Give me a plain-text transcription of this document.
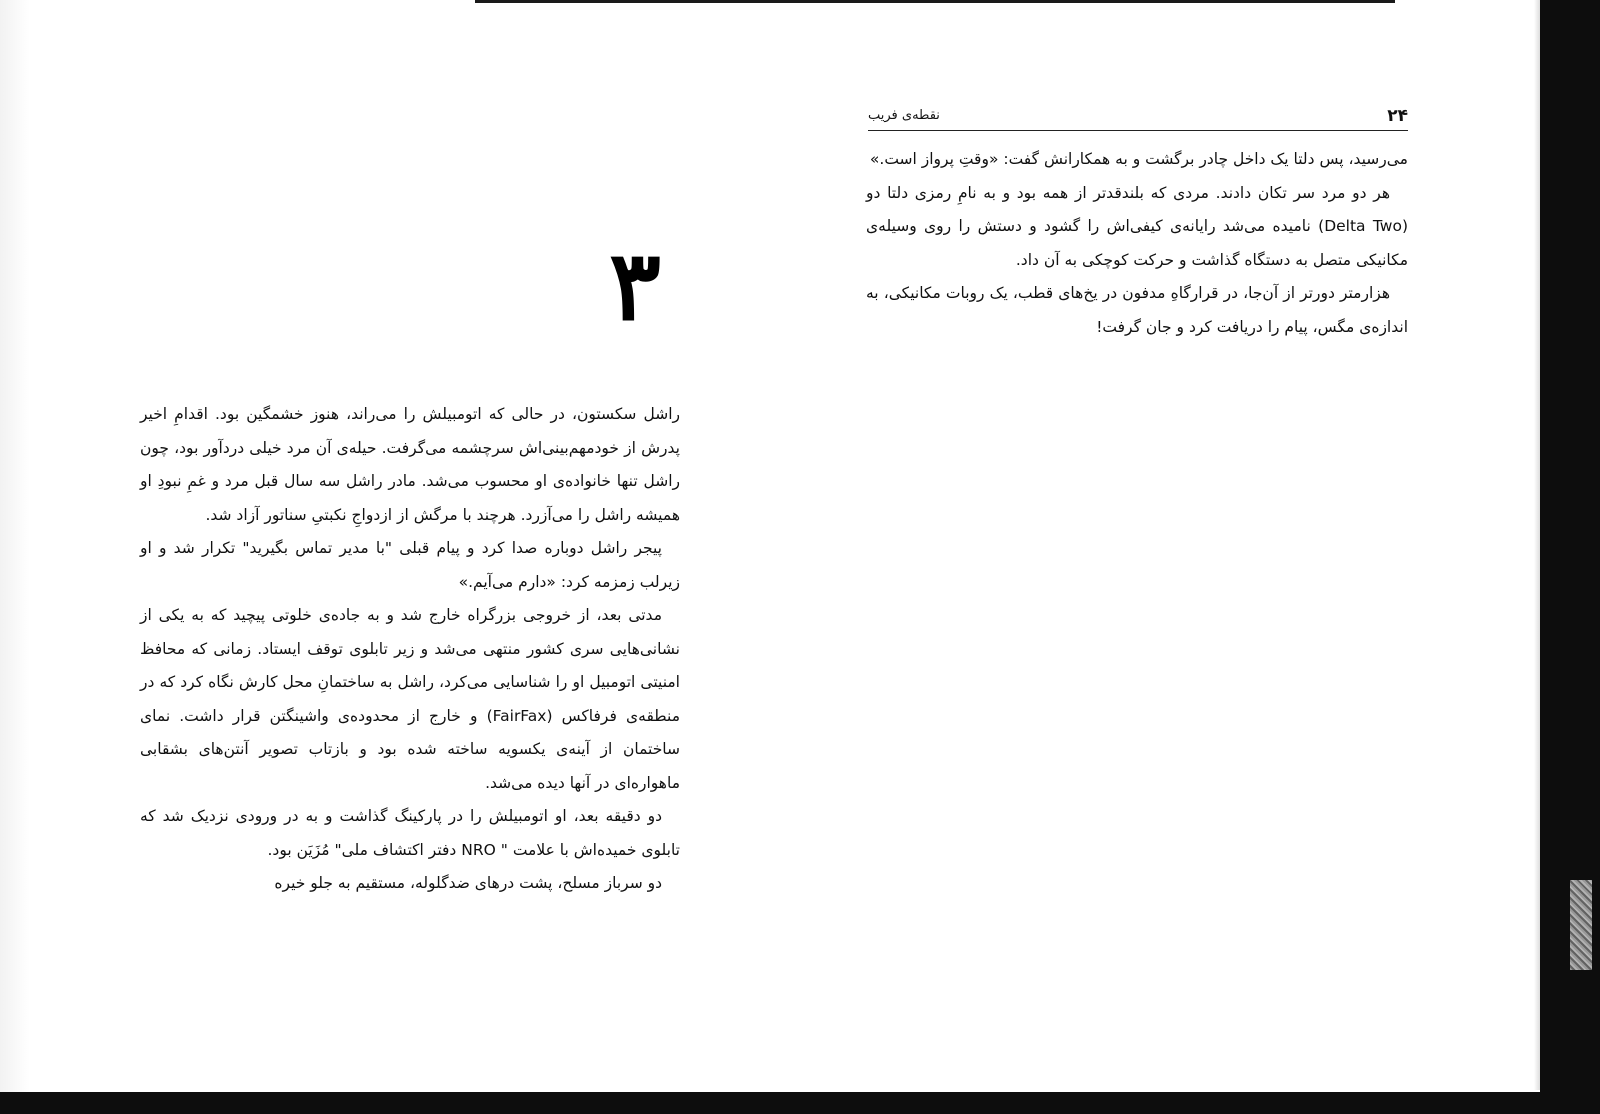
۲۴
نقطه‌ی فریب

می‌رسید، پس دلتا یک داخل چادر برگشت و به همکارانش گفت: «وقتِ پرواز است.»

هر دو مرد سر تکان دادند. مردی که بلندقدتر از همه بود و به نامِ رمزی دلتا دو (Delta Two) نامیده می‌شد رایانه‌ی کیفی‌اش را گشود و دستش را روی وسیله‌ی مکانیکی متصل به دستگاه گذاشت و حرکت کوچکی به آن داد.

هزارمتر دورتر از آن‌جا، در قرارگاهِ مدفون در یخ‌های قطب، یک روبات مکانیکی، به اندازه‌ی مگس، پیام را دریافت کرد و جان گرفت!

۳

راشل سکستون، در حالی که اتومبیلش را می‌راند، هنوز خشمگین بود. اقدامِ اخیر پدرش از خودمهم‌بینی‌اش سرچشمه می‌گرفت. حیله‌ی آن مرد خیلی دردآور بود، چون راشل تنها خانواده‌ی او محسوب می‌شد. مادر راشل سه سال قبل مرد و غمِ نبودِ او همیشه راشل را می‌آزرد. هرچند با مرگش از ازدواجِ نکبتیِ سناتور آزاد شد.

پیجر راشل دوباره صدا کرد و پیام قبلی "با مدیر تماس بگیرید" تکرار شد و او زیرلب زمزمه کرد: «دارم می‌آیم.»

مدتی بعد، از خروجی بزرگراه خارج شد و به جاده‌ی خلوتی پیچید که به یکی از نشانی‌هایی سری کشور منتهی می‌شد و زیر تابلوی توقف ایستاد. زمانی که محافظ امنیتی اتومبیل او را شناسایی می‌کرد، راشل به ساختمانِ محل کارش نگاه کرد که در منطقه‌ی فرفاکس (FairFax) و خارج از محدوده‌ی واشینگتن قرار داشت. نمای ساختمان از آینه‌ی یکسویه ساخته شده بود و بازتاب تصویر آنتن‌های بشقابی ماهواره‌ای در آنها دیده می‌شد.

دو دقیقه بعد، او اتومبیلش را در پارکینگ گذاشت و به در ورودی نزدیک شد که تابلوی خمیده‌اش با علامت " NRO دفتر اکتشاف ملی" مُزَیَن بود.

دو سرباز مسلح، پشت درهای ضدگلوله، مستقیم به جلو خیره
